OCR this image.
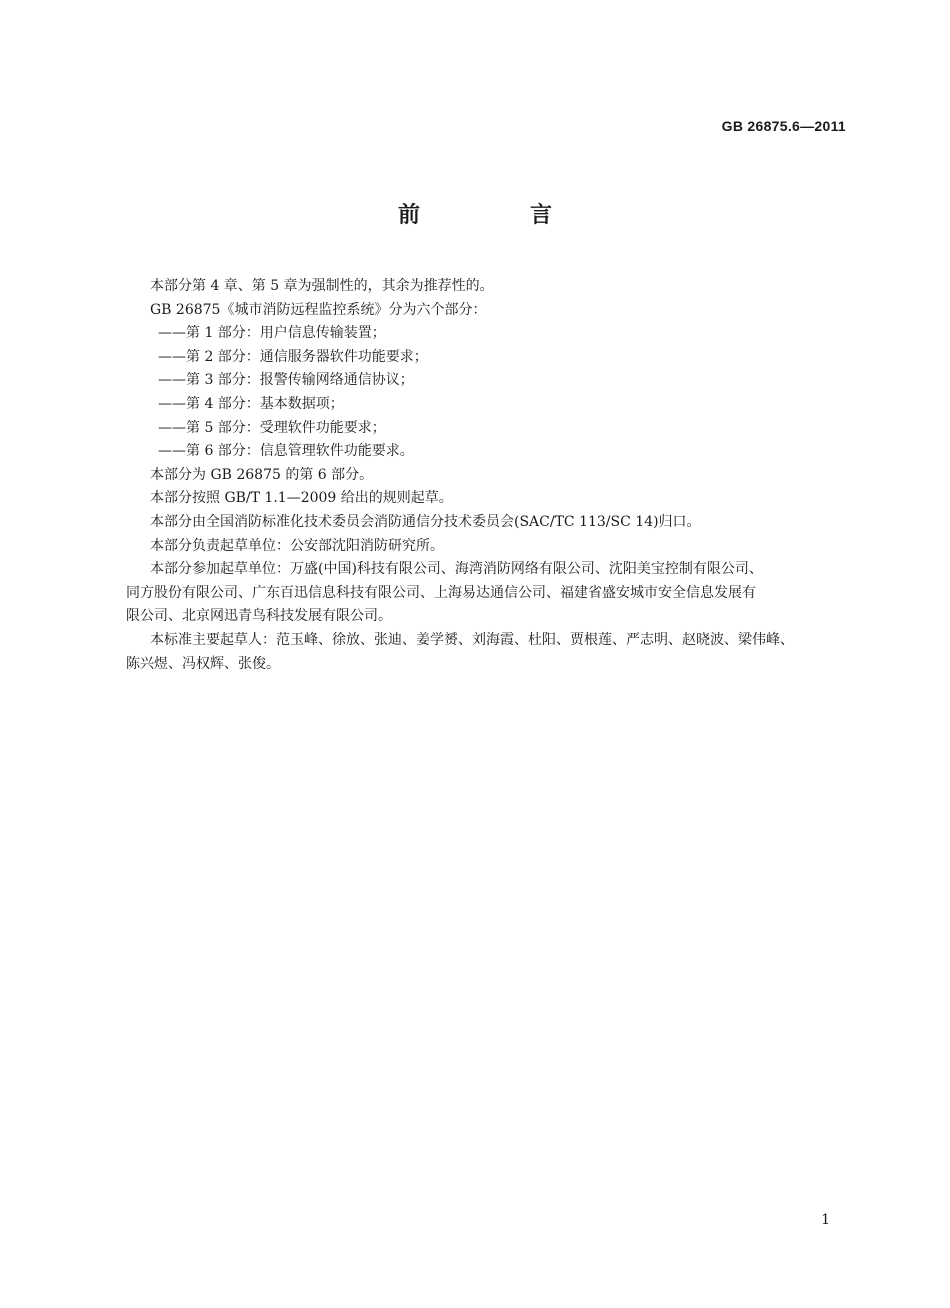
GB 26875.6—2011
前　言

本部分第 4 章、第 5 章为强制性的，其余为推荐性的。

GB 26875《城市消防远程监控系统》分为六个部分：

——第 1 部分：用户信息传输装置；

——第 2 部分：通信服务器软件功能要求；

——第 3 部分：报警传输网络通信协议；

——第 4 部分：基本数据项；

——第 5 部分：受理软件功能要求；

——第 6 部分：信息管理软件功能要求。

本部分为 GB 26875 的第 6 部分。

本部分按照 GB/T 1.1—2009 给出的规则起草。

本部分由全国消防标准化技术委员会消防通信分技术委员会(SAC/TC 113/SC 14)归口。

本部分负责起草单位：公安部沈阳消防研究所。

本部分参加起草单位：万盛(中国)科技有限公司、海湾消防网络有限公司、沈阳美宝控制有限公司、

同方股份有限公司、广东百迅信息科技有限公司、上海易达通信公司、福建省盛安城市安全信息发展有

限公司、北京网迅青鸟科技发展有限公司。

本标准主要起草人：范玉峰、徐放、张迪、姜学赟、刘海霞、杜阳、贾根莲、严志明、赵晓波、梁伟峰、

陈兴煜、冯权辉、张俊。

1
